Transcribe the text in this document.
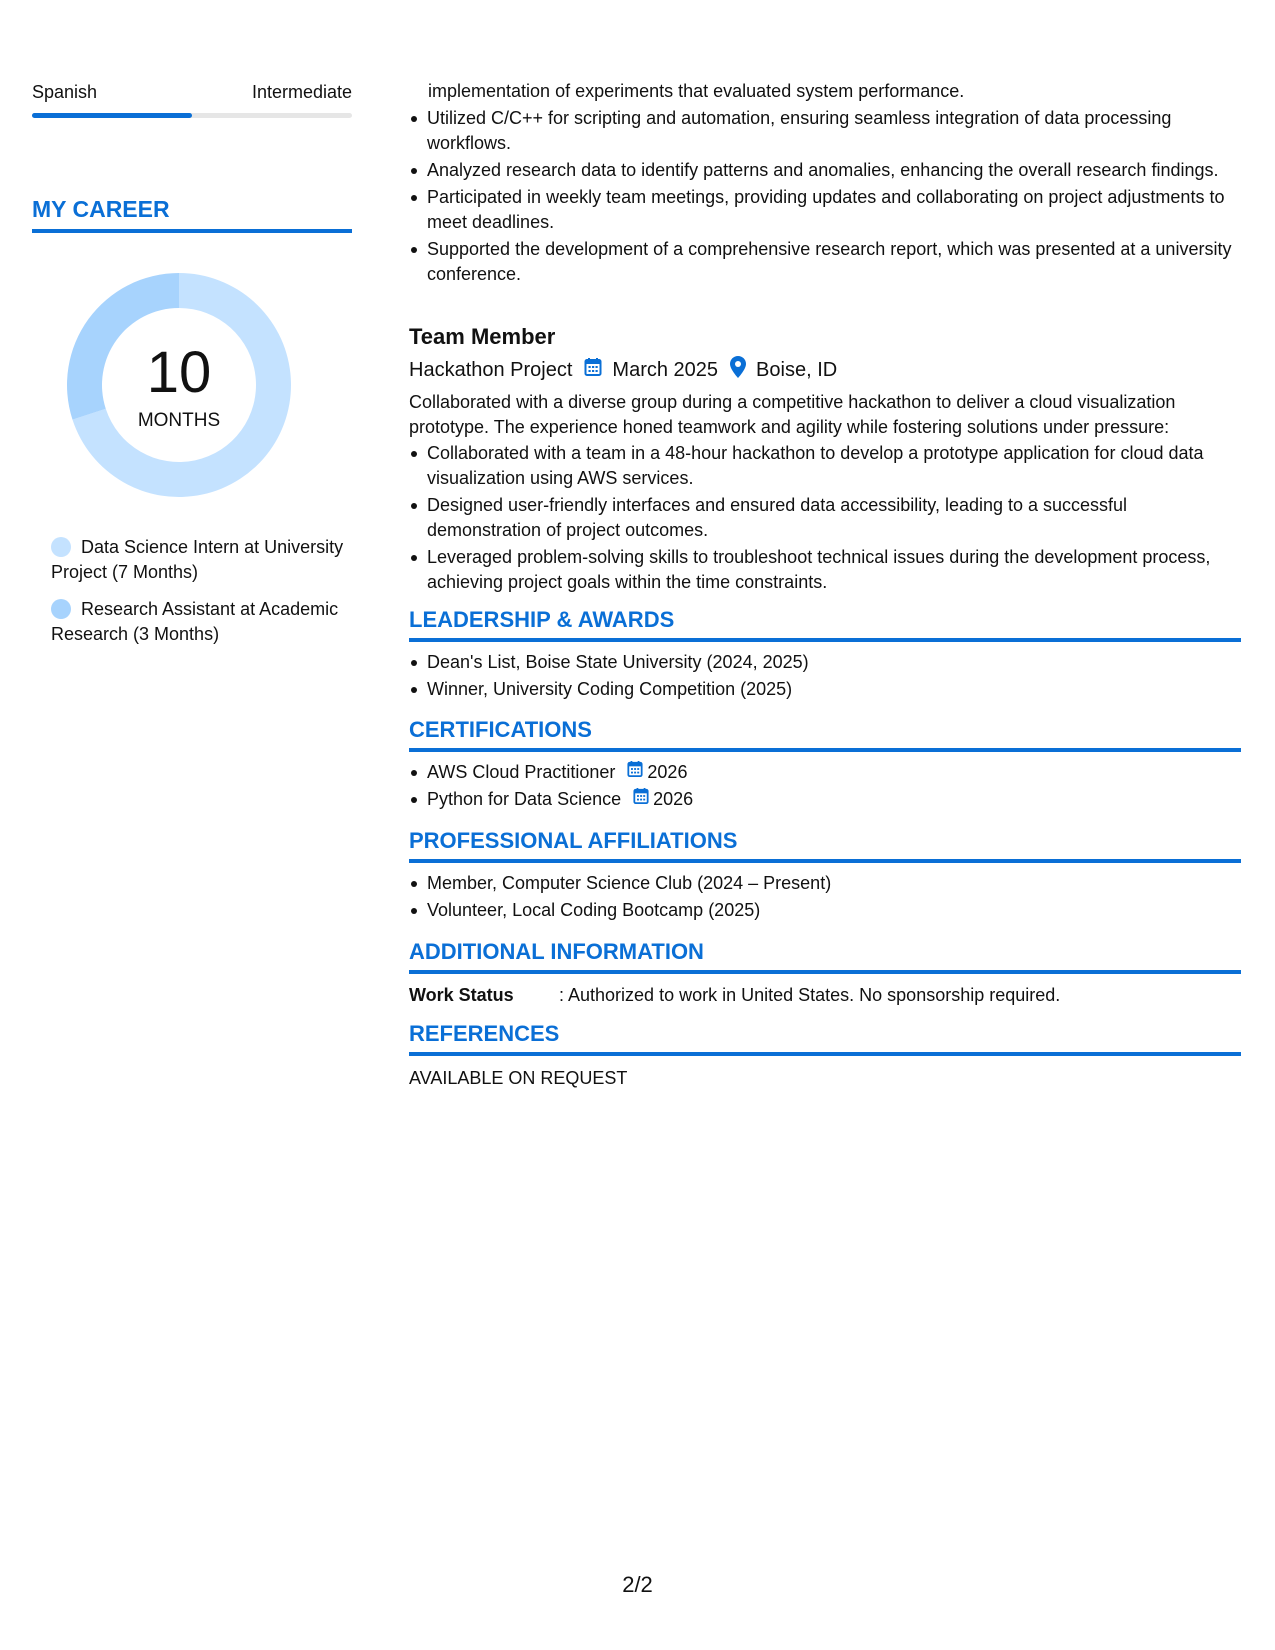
Spanish	Intermediate
MY CAREER
10
MONTHS
Data Science Intern at University Project (7 Months)
Research Assistant at Academic Research (3 Months)
implementation of experiments that evaluated system performance.
Utilized C/C++ for scripting and automation, ensuring seamless integration of data processing workflows.
Analyzed research data to identify patterns and anomalies, enhancing the overall research findings.
Participated in weekly team meetings, providing updates and collaborating on project adjustments to meet deadlines.
Supported the development of a comprehensive research report, which was presented at a university conference.
Team Member
Hackathon Project March 2025 Boise, ID
Collaborated with a diverse group during a competitive hackathon to deliver a cloud visualization prototype. The experience honed teamwork and agility while fostering solutions under pressure:
Collaborated with a team in a 48-hour hackathon to develop a prototype application for cloud data visualization using AWS services.
Designed user-friendly interfaces and ensured data accessibility, leading to a successful demonstration of project outcomes.
Leveraged problem-solving skills to troubleshoot technical issues during the development process, achieving project goals within the time constraints.
LEADERSHIP & AWARDS
Dean's List, Boise State University (2024, 2025)
Winner, University Coding Competition (2025)
CERTIFICATIONS
AWS Cloud Practitioner 2026
Python for Data Science 2026
PROFESSIONAL AFFILIATIONS
Member, Computer Science Club (2024 – Present)
Volunteer, Local Coding Bootcamp (2025)
ADDITIONAL INFORMATION
Work Status	: Authorized to work in United States. No sponsorship required.
REFERENCES
AVAILABLE ON REQUEST
2/2
